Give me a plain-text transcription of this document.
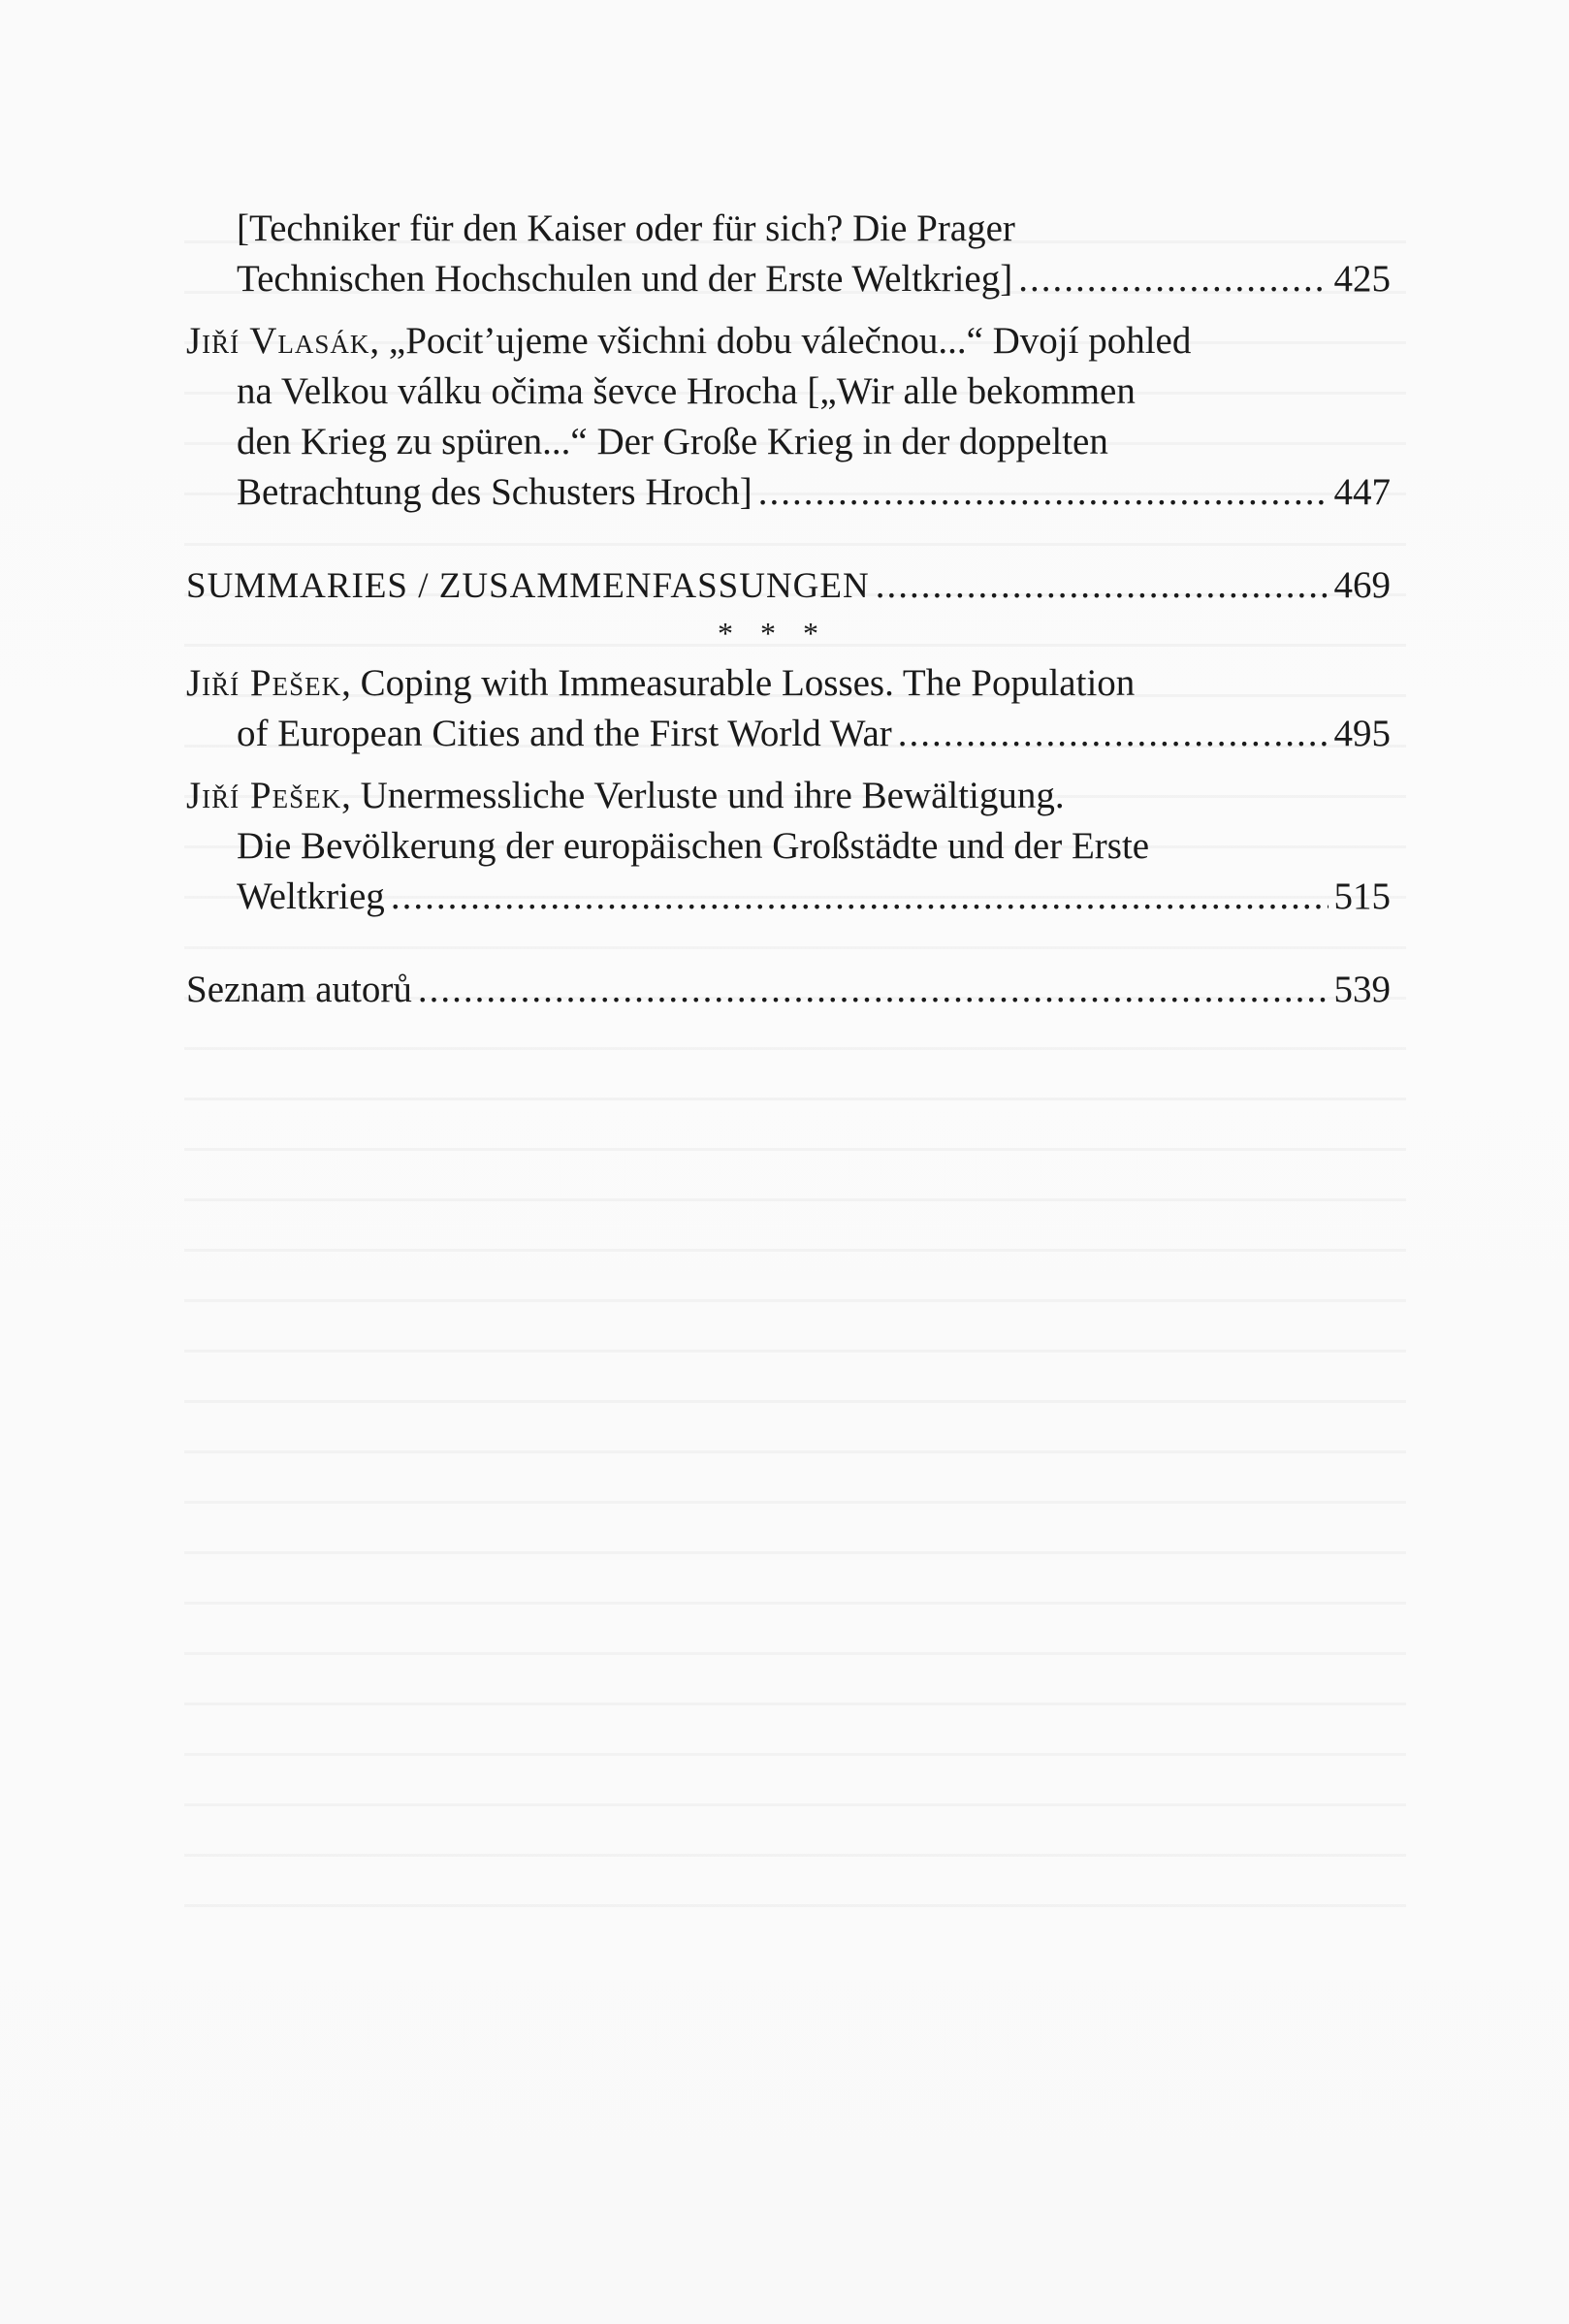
[Techniker für den Kaiser oder für sich? Die Prager
Technischen Hochschulen und der Erste Weltkrieg] .....	425
Jiří Vlasák, „Pocit’ujeme všichni dobu válečnou...“ Dvojí pohled
na Velkou válku očima ševce Hrocha [„Wir alle bekommen
den Krieg zu spüren...“ Der Große Krieg in der doppelten
Betrachtung des Schusters Hroch] .....	447
SUMMARIES / ZUSAMMENFASSUNGEN .....	469
* * *
Jiří Pešek, Coping with Immeasurable Losses. The Population
of European Cities and the First World War .....	495
Jiří Pešek, Unermessliche Verluste und ihre Bewältigung.
Die Bevölkerung der europäischen Großstädte und der Erste
Weltkrieg .....	515
Seznam autorů .....	539
